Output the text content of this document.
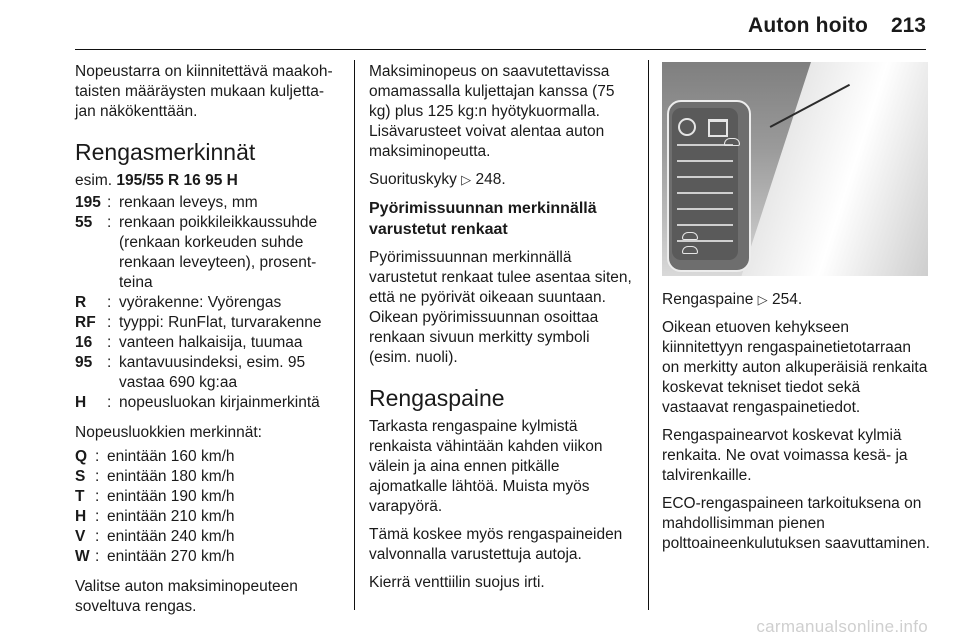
Auton hoito 213

Nopeustarra on kiinnitettävä maakoh-
taisten määräysten mukaan kuljetta-
jan näkökenttään.

Rengasmerkinnät

esim. 195/55 R 16 95 H

195 : renkaan leveys, mm
55 : renkaan poikkileikkaussuhde (renkaan korkeuden suhde renkaan leveyteen), prosent-teina
R	: vyörakenne: Vyörengas
RF : tyyppi: RunFlat, turvarakenne
16 : vanteen halkaisija, tuumaa
95 : kantavuusindeksi, esim. 95 vastaa 690 kg:aa
H	: nopeusluokan kirjainmerkintä

Nopeusluokkien merkinnät:

Q : enintään 160 km/h
S : enintään 180 km/h
T : enintään 190 km/h
H : enintään 210 km/h
V : enintään 240 km/h
W : enintään 270 km/h

Valitse auton maksiminopeuteen soveltuva rengas.

Maksiminopeus on saavutettavissa omamassalla kuljettajan kanssa (75 kg) plus 125 kg:n hyötykuormalla. Lisävarusteet voivat alentaa auton maksiminopeutta.

Suorituskyky ▷ 248.

Pyörimissuunnan merkinnällä varustetut renkaat

Pyörimissuunnan merkinnällä varustetut renkaat tulee asentaa siten, että ne pyörivät oikeaan suuntaan. Oikean pyörimissuunnan osoittaa renkaan sivuun merkitty symboli (esim. nuoli).

Rengaspaine

Tarkasta rengaspaine kylmistä renkaista vähintään kahden viikon välein ja aina ennen pitkälle ajomatkalle lähtöä. Muista myös varapyörä.

Tämä koskee myös rengaspaineiden valvonnalla varustettuja autoja.

Kierrä venttiilin suojus irti.

Rengaspaine ▷ 254.

Oikean etuoven kehykseen kiinnitettyyn rengaspainetietotarraan on merkitty auton alkuperäisiä renkaita koskevat tekniset tiedot sekä vastaavat rengaspainetiedot.

Rengaspainearvot koskevat kylmiä renkaita. Ne ovat voimassa kesä- ja talvirenkaille.

ECO-rengaspaineen tarkoituksena on mahdollisimman pienen polttoaineenkulutuksen saavuttaminen.

carmanualsonline.info
